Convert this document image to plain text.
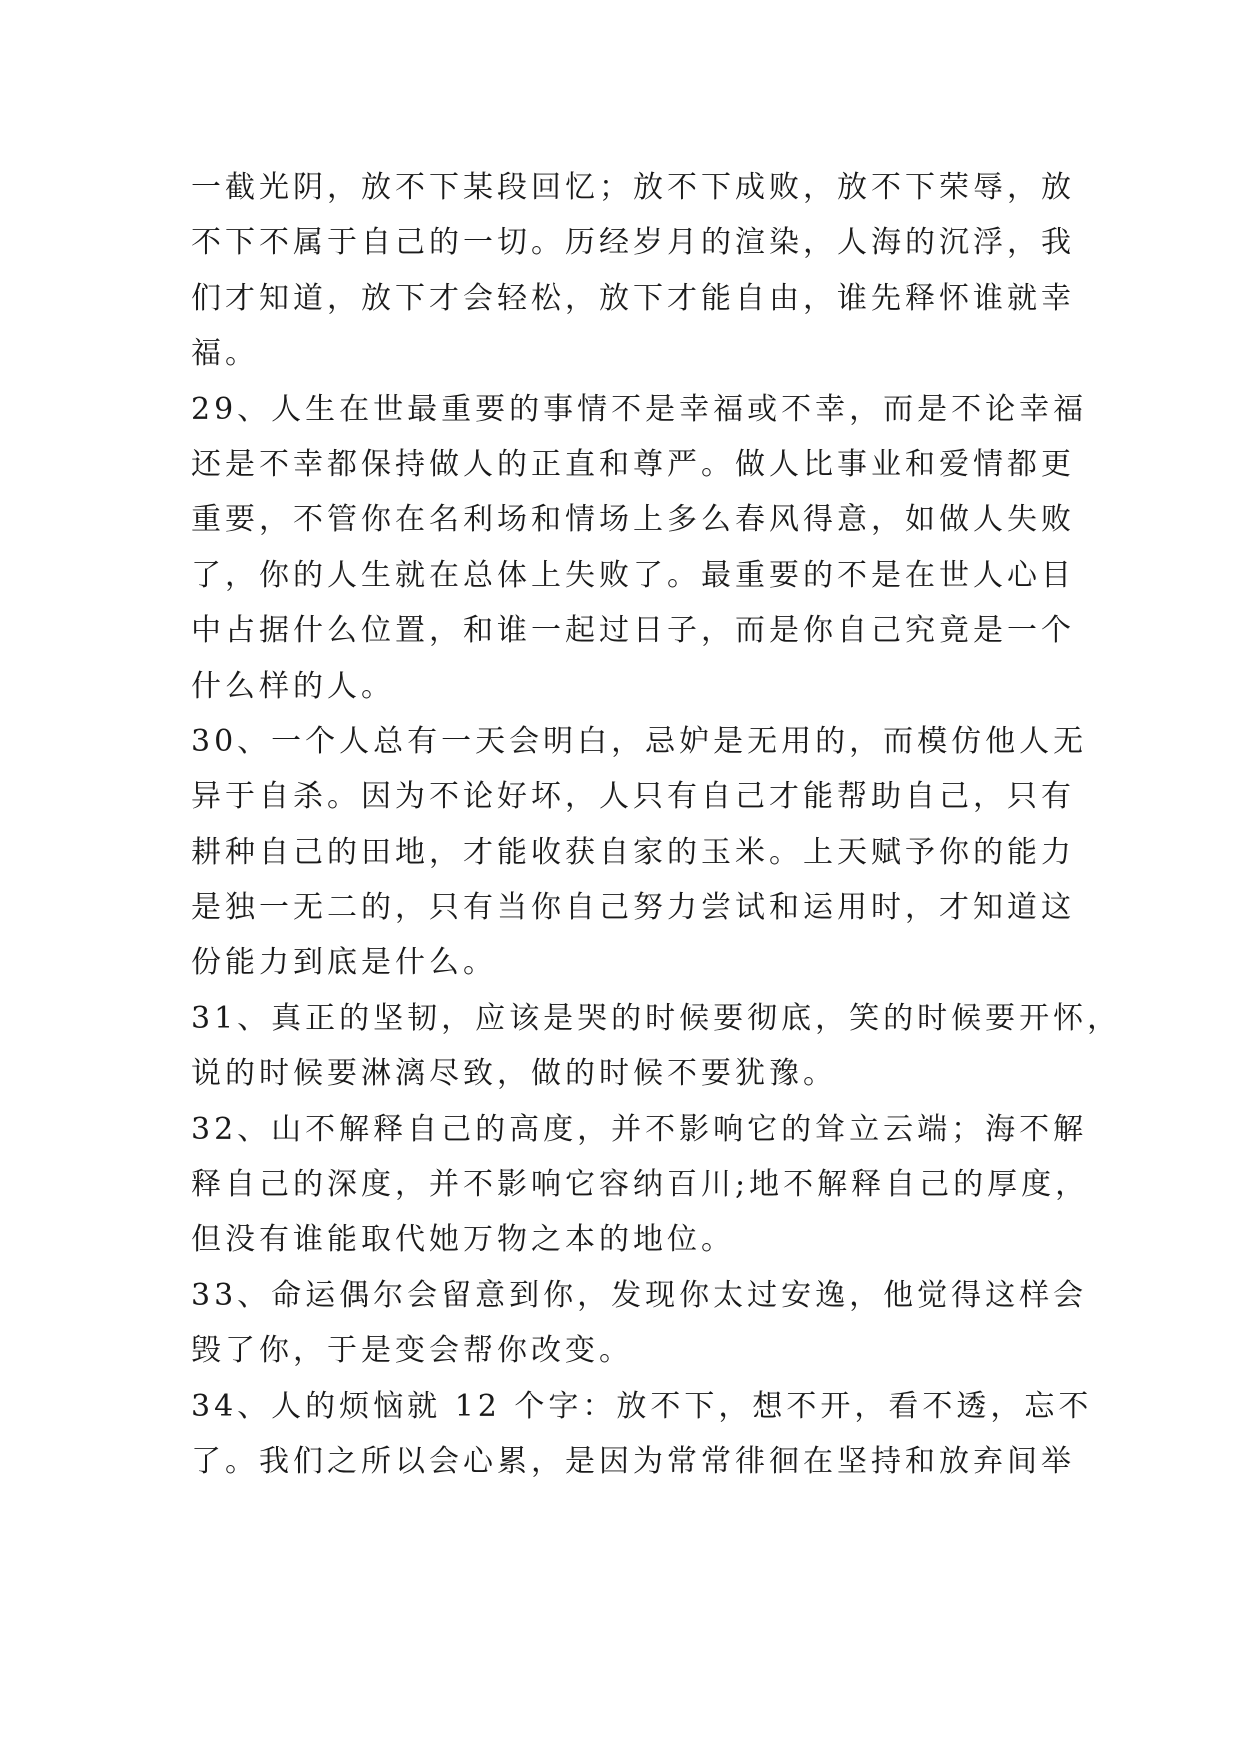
一截光阴，放不下某段回忆；放不下成败，放不下荣辱，放
不下不属于自己的一切。历经岁月的渲染，人海的沉浮，我
们才知道，放下才会轻松，放下才能自由，谁先释怀谁就幸
福。
29、人生在世最重要的事情不是幸福或不幸，而是不论幸福
还是不幸都保持做人的正直和尊严。做人比事业和爱情都更
重要，不管你在名利场和情场上多么春风得意，如做人失败
了，你的人生就在总体上失败了。最重要的不是在世人心目
中占据什么位置，和谁一起过日子，而是你自己究竟是一个
什么样的人。
30、一个人总有一天会明白，忌妒是无用的，而模仿他人无
异于自杀。因为不论好坏，人只有自己才能帮助自己，只有
耕种自己的田地，才能收获自家的玉米。上天赋予你的能力
是独一无二的，只有当你自己努力尝试和运用时，才知道这
份能力到底是什么。
31、真正的坚韧，应该是哭的时候要彻底，笑的时候要开怀，
说的时候要淋漓尽致，做的时候不要犹豫。
32、山不解释自己的高度，并不影响它的耸立云端；海不解
释自己的深度，并不影响它容纳百川;地不解释自己的厚度，
但没有谁能取代她万物之本的地位。
33、命运偶尔会留意到你，发现你太过安逸，他觉得这样会
毁了你，于是变会帮你改变。
34、人的烦恼就 12 个字：放不下，想不开，看不透，忘不
了。我们之所以会心累，是因为常常徘徊在坚持和放弃间举
